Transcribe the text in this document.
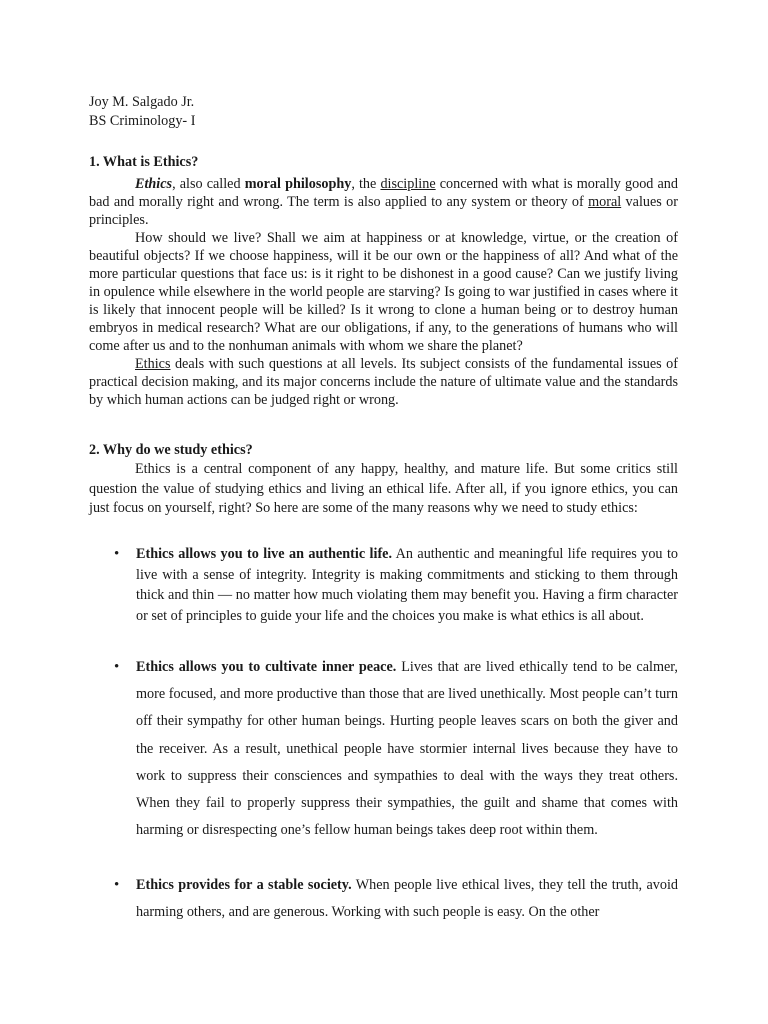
Joy M. Salgado Jr.
BS Criminology- I
1. What is Ethics?

Ethics, also called moral philosophy, the discipline concerned with what is morally good and bad and morally right and wrong. The term is also applied to any system or theory of moral values or principles.

How should we live? Shall we aim at happiness or at knowledge, virtue, or the creation of beautiful objects? If we choose happiness, will it be our own or the happiness of all? And what of the more particular questions that face us: is it right to be dishonest in a good cause? Can we justify living in opulence while elsewhere in the world people are starving? Is going to war justified in cases where it is likely that innocent people will be killed? Is it wrong to clone a human being or to destroy human embryos in medical research? What are our obligations, if any, to the generations of humans who will come after us and to the nonhuman animals with whom we share the planet?

Ethics deals with such questions at all levels. Its subject consists of the fundamental issues of practical decision making, and its major concerns include the nature of ultimate value and the standards by which human actions can be judged right or wrong.

2. Why do we study ethics?

Ethics is a central component of any happy, healthy, and mature life. But some critics still question the value of studying ethics and living an ethical life. After all, if you ignore ethics, you can just focus on yourself, right? So here are some of the many reasons why we need to study ethics:

• Ethics allows you to live an authentic life. An authentic and meaningful life requires you to live with a sense of integrity. Integrity is making commitments and sticking to them through thick and thin — no matter how much violating them may benefit you. Having a firm character or set of principles to guide your life and the choices you make is what ethics is all about.
• Ethics allows you to cultivate inner peace. Lives that are lived ethically tend to be calmer, more focused, and more productive than those that are lived unethically. Most people can’t turn off their sympathy for other human beings. Hurting people leaves scars on both the giver and the receiver. As a result, unethical people have stormier internal lives because they have to work to suppress their consciences and sympathies to deal with the ways they treat others. When they fail to properly suppress their sympathies, the guilt and shame that comes with harming or disrespecting one’s fellow human beings takes deep root within them.
• Ethics provides for a stable society. When people live ethical lives, they tell the truth, avoid harming others, and are generous. Working with such people is easy. On the other
